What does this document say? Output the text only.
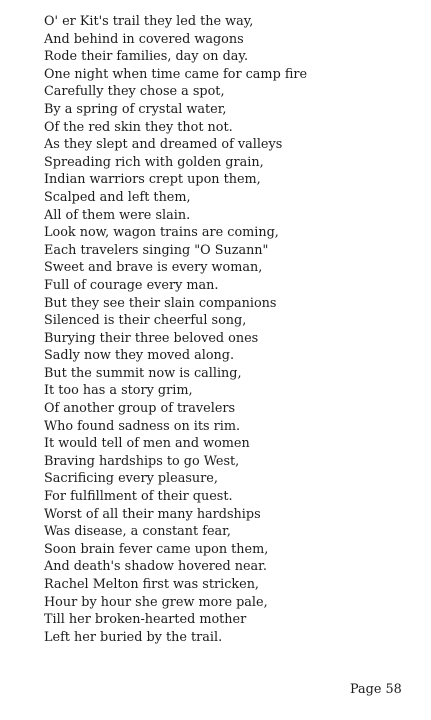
O' er Kit's trail they led the way,
And behind in covered wagons
Rode their families, day on day.
One night when time came for camp fire
Carefully they chose a spot,
By a spring of crystal water,
Of the red skin they thot not.
As they slept and dreamed of valleys
Spreading rich with golden grain,
Indian warriors crept upon them,
Scalped and left them,
All of them were slain.
Look now, wagon trains are coming,
Each travelers singing "O Suzann"
Sweet and brave is every woman,
Full of courage every man.
But they see their slain companions
Silenced is their cheerful song,
Burying their three beloved ones
Sadly now they moved along.
But the summit now is calling,
It too has a story grim,
Of another group of travelers
Who found sadness on its rim.
It would tell of men and women
Braving hardships to go West,
Sacrificing every pleasure,
For fulfillment of their quest.
Worst of all their many hardships
Was disease, a constant fear,
Soon brain fever came upon them,
And death's shadow hovered near.
Rachel Melton first was stricken,
Hour by hour she grew more pale,
Till her broken-hearted mother
Left her buried by the trail.
Page 58
